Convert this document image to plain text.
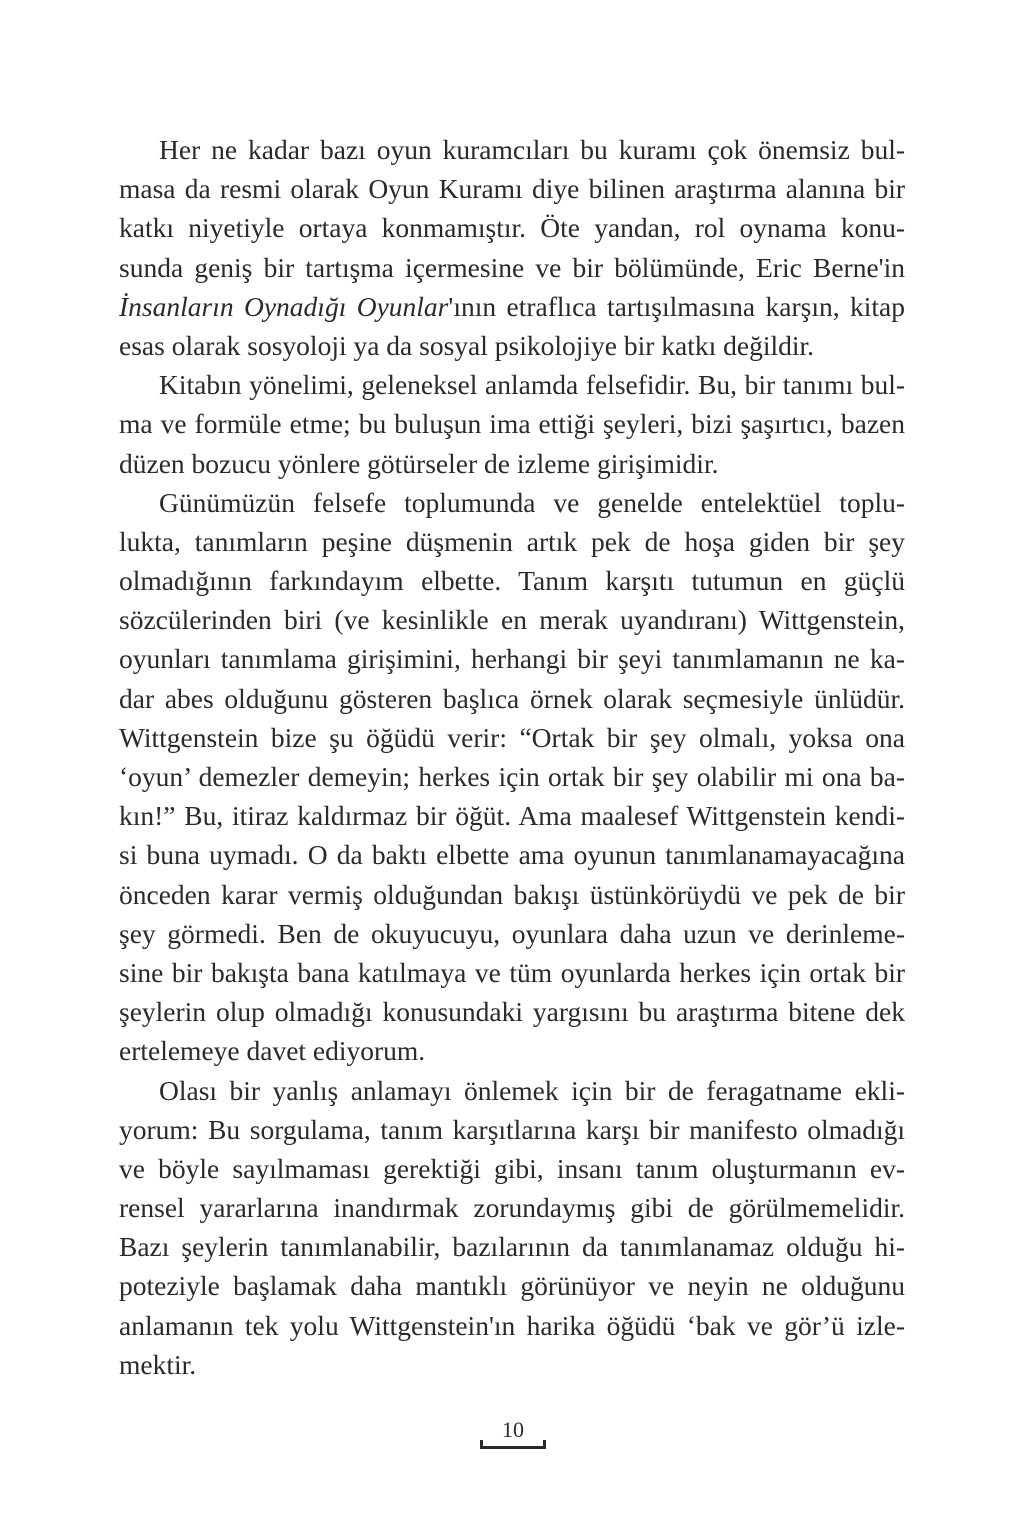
Her ne kadar bazı oyun kuramcıları bu kuramı çok önemsiz bul-
masa da resmi olarak Oyun Kuramı diye bilinen araştırma alanına bir
katkı niyetiyle ortaya konmamıştır. Öte yandan, rol oynama konu-
sunda geniş bir tartışma içermesine ve bir bölümünde, Eric Berne'in
İnsanların Oynadığı Oyunlar'ının etraflıca tartışılmasına karşın, kitap
esas olarak sosyoloji ya da sosyal psikolojiye bir katkı değildir.
Kitabın yönelimi, geleneksel anlamda felsefidir. Bu, bir tanımı bul-
ma ve formüle etme; bu buluşun ima ettiği şeyleri, bizi şaşırtıcı, bazen
düzen bozucu yönlere götürseler de izleme girişimidir.
Günümüzün felsefe toplumunda ve genelde entelektüel toplu-
lukta, tanımların peşine düşmenin artık pek de hoşa giden bir şey
olmadığının farkındayım elbette. Tanım karşıtı tutumun en güçlü
sözcülerinden biri (ve kesinlikle en merak uyandıranı) Wittgenstein,
oyunları tanımlama girişimini, herhangi bir şeyi tanımlamanın ne ka-
dar abes olduğunu gösteren başlıca örnek olarak seçmesiyle ünlüdür.
Wittgenstein bize şu öğüdü verir: “Ortak bir şey olmalı, yoksa ona
‘oyun’ demezler demeyin; herkes için ortak bir şey olabilir mi ona ba-
kın!” Bu, itiraz kaldırmaz bir öğüt. Ama maalesef Wittgenstein kendi-
si buna uymadı. O da baktı elbette ama oyunun tanımlanamayacağına
önceden karar vermiş olduğundan bakışı üstünkörüydü ve pek de bir
şey görmedi. Ben de okuyucuyu, oyunlara daha uzun ve derinleme-
sine bir bakışta bana katılmaya ve tüm oyunlarda herkes için ortak bir
şeylerin olup olmadığı konusundaki yargısını bu araştırma bitene dek
ertelemeye davet ediyorum.
Olası bir yanlış anlamayı önlemek için bir de feragatname ekli-
yorum: Bu sorgulama, tanım karşıtlarına karşı bir manifesto olmadığı
ve böyle sayılmaması gerektiği gibi, insanı tanım oluşturmanın ev-
rensel yararlarına inandırmak zorundaymış gibi de görülmemelidir.
Bazı şeylerin tanımlanabilir, bazılarının da tanımlanamaz olduğu hi-
poteziyle başlamak daha mantıklı görünüyor ve neyin ne olduğunu
anlamanın tek yolu Wittgenstein'ın harika öğüdü ‘bak ve gör’ü izle-
mektir.
10
